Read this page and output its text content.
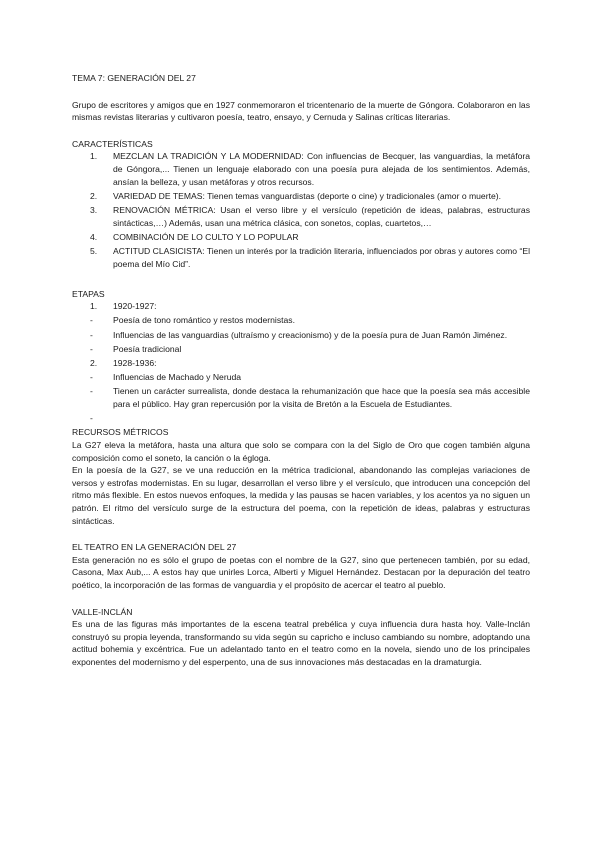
TEMA 7: GENERACIÓN DEL 27

Grupo de escritores y amigos que en 1927 conmemoraron el tricentenario de la muerte de Góngora. Colaboraron en las mismas revistas literarias y cultivaron poesía, teatro, ensayo, y Cernuda y Salinas críticas literarias.

CARACTERÍSTICAS

1.	MEZCLAN LA TRADICIÓN Y LA MODERNIDAD: Con influencias de Becquer, las vanguardias, la metáfora de Góngora,... Tienen un lenguaje elaborado con una poesía pura alejada de los sentimientos. Además, ansían la belleza, y usan metáforas y otros recursos.
2.	VARIEDAD DE TEMAS: Tienen temas vanguardistas (deporte o cine) y tradicionales (amor o muerte).
3.	RENOVACIÓN MÉTRICA: Usan el verso libre y el versículo (repetición de ideas, palabras, estructuras sintácticas,…) Además, usan una métrica clásica, con sonetos, coplas, cuartetos,…
4.	COMBINACIÓN DE LO CULTO Y LO POPULAR
5.	ACTITUD CLASICISTA: Tienen un interés por la tradición literaria, influenciados por obras y autores como “El poema del Mío Cid”.

ETAPAS

1.	1920-1927:
-	Poesía de tono romántico y restos modernistas.
-	Influencias de las vanguardias (ultraísmo y creacionismo) y de la poesía pura de Juan Ramón Jiménez.
-	Poesía tradicional
2.	1928-1936:
-	Influencias de Machado y Neruda
-	Tienen un carácter surrealista, donde destaca la rehumanización que hace que la poesía sea más accesible para el público. Hay gran repercusión por la visita de Bretón a la Escuela de Estudiantes.
-

RECURSOS MÉTRICOS

La G27 eleva la metáfora, hasta una altura que solo se compara con la del Siglo de Oro que cogen también alguna composición como el soneto, la canción o la égloga.

En la poesía de la G27, se ve una reducción en la métrica tradicional, abandonando las complejas variaciones de versos y estrofas modernistas. En su lugar, desarrollan el verso libre y el versículo, que introducen una concepción del ritmo más flexible. En estos nuevos enfoques, la medida y las pausas se hacen variables, y los acentos ya no siguen un patrón. El ritmo del versículo surge de la estructura del poema, con la repetición de ideas, palabras y estructuras sintácticas.

EL TEATRO EN LA GENERACIÓN DEL 27

Esta generación no es sólo el grupo de poetas con el nombre de la G27, sino que pertenecen también, por su edad, Casona, Max Aub,... A estos hay que unirles Lorca, Alberti y Miguel Hernández. Destacan por la depuración del teatro poético, la incorporación de las formas de vanguardia y el propósito de acercar el teatro al pueblo.

VALLE-INCLÁN

Es una de las figuras más importantes de la escena teatral prebélica y cuya influencia dura hasta hoy. Valle-Inclán construyó su propia leyenda, transformando su vida según su capricho e incluso cambiando su nombre, adoptando una actitud bohemia y excéntrica. Fue un adelantado tanto en el teatro como en la novela, siendo uno de los principales exponentes del modernismo y del esperpento, una de sus innovaciones más destacadas en la dramaturgia.
